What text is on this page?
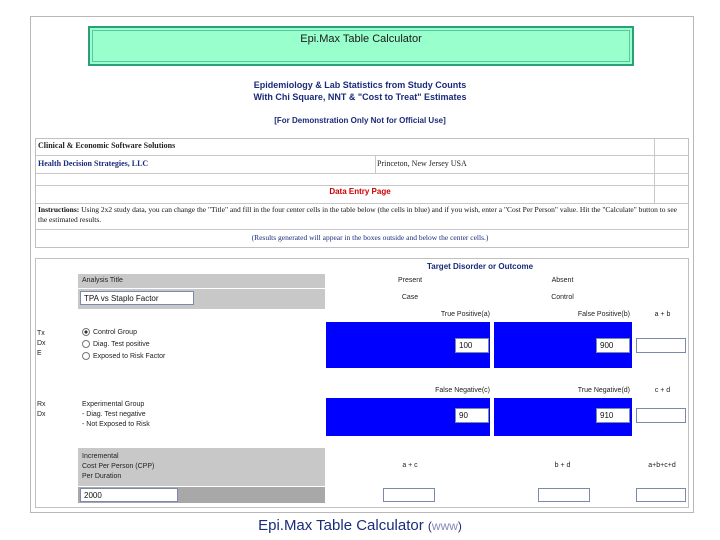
Epi.Max Table Calculator
Epidemiology & Lab Statistics from Study Counts
With Chi Square, NNT & "Cost to Treat" Estimates
[For Demonstration Only Not for Official Use]
Clinical & Economic Software Solutions
Health Decision Strategies, LLC	Princeton, New Jersey USA
Data Entry Page
Instructions: Using 2x2 study data, you can change the "Title" and fill in the four center cells in the table below (the cells in blue) and if you wish, enter a "Cost Per Person" value. Hit the "Calculate" button to see the estimated results.
(Results generated will appear in the boxes outside and below the center cells.)
Target Disorder or Outcome
Analysis Title	Present	Absent
TPA vs Staplo Factor	Case	Control
True Positive(a)	False Positive(b)	a + b
Tx
Dx
E
Control Group
Diag. Test positive
Exposed to Risk Factor
100	900
False Negative(c)	True Negative(d)	c + d
Rx
Dx
Experimental Group
- Diag. Test negative
- Not Exposed to Risk
90	910
Incremental
Cost Per Person (CPP)
Per Duration
a + c	b + d	a+b+c+d
2000
Epi.Max Table Calculator (www)
